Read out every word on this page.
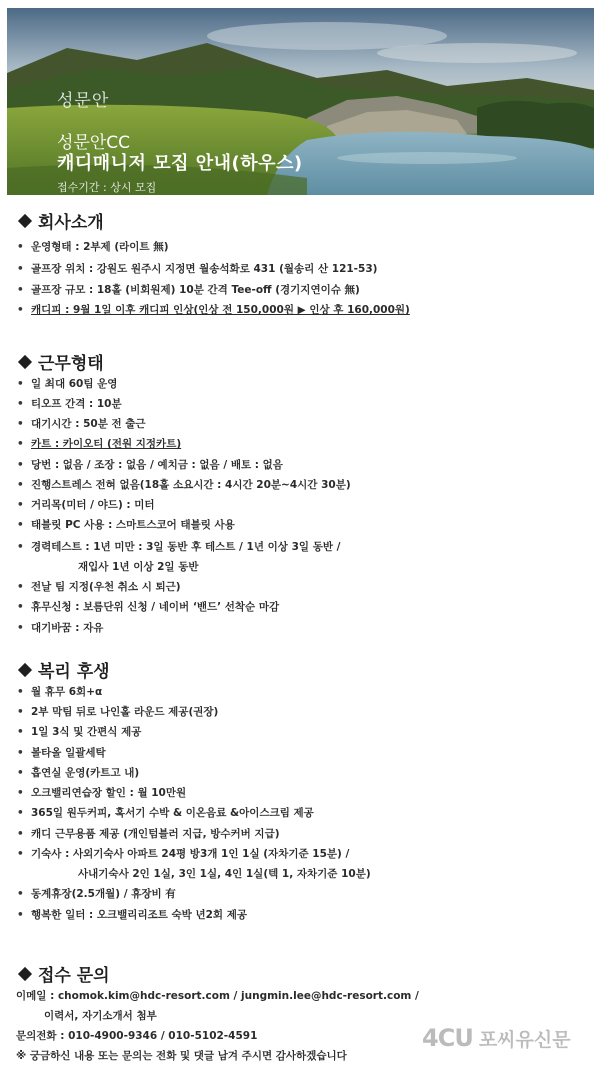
성문안
성문안CC
캐디매니저 모집 안내(하우스)
접수기간 : 상시 모집
회사소개
• 운영형태 : 2부제 (라이트 無)
• 골프장 위치 : 강원도 원주시 지정면 월송석화로 431 (월송리 산 121-53)
• 골프장 규모 : 18홀 (비회원제) 10분 간격 Tee-off (경기지연이슈 無)
• 캐디피 : 9월 1일 이후 캐디피 인상(인상 전 150,000원 ▶ 인상 후 160,000원)
근무형태
• 일 최대 60팀 운영
• 티오프 간격 : 10분
• 대기시간 : 50분 전 출근
• 카트 : 카이오티 (전원 지정카트)
• 당번 : 없음 / 조장 : 없음 / 예치금 : 없음 / 배토 : 없음
• 진행스트레스 전혀 없음(18홀 소요시간 : 4시간 20분~4시간 30분)
• 거리목(미터 / 야드) : 미터
• 태블릿 PC 사용 : 스마트스코어 태블릿 사용
• 경력테스트 : 1년 미만 : 3일 동반 후 테스트 / 1년 이상 3일 동반 /
재입사 1년 이상 2일 동반
• 전날 팀 지정(우천 취소 시 퇴근)
• 휴무신청 : 보름단위 신청 / 네이버 ‘밴드’ 선착순 마감
• 대기바꿈 : 자유
복리 후생
• 월 휴무 6회+α
• 2부 막팀 뒤로 나인홀 라운드 제공(권장)
• 1일 3식 및 간편식 제공
• 볼타올 일괄세탁
• 흡연실 운영(카트고 내)
• 오크밸리연습장 할인 : 월 10만원
• 365일 원두커피, 혹서기 수박 & 이온음료 &아이스크림 제공
• 캐디 근무용품 제공 (개인텀블러 지급, 방수커버 지급)
• 기숙사 : 사외기숙사 아파트 24평 방3개 1인 1실 (자차기준 15분) /
사내기숙사 2인 1실, 3인 1실, 4인 1실(텍 1, 자차기준 10분)
• 동계휴장(2.5개월) / 휴장비 有
• 행복한 일터 : 오크밸리리조트 숙박 년2회 제공
접수 문의
이메일 : chomok.kim@hdc-resort.com / jungmin.lee@hdc-resort.com /
이력서, 자기소개서 첨부
문의전화 : 010-4900-9346 / 010-5102-4591
※ 궁금하신 내용 또는 문의는 전화 및 댓글 남겨 주시면 감사하겠습니다
4CU 포씨유신문
